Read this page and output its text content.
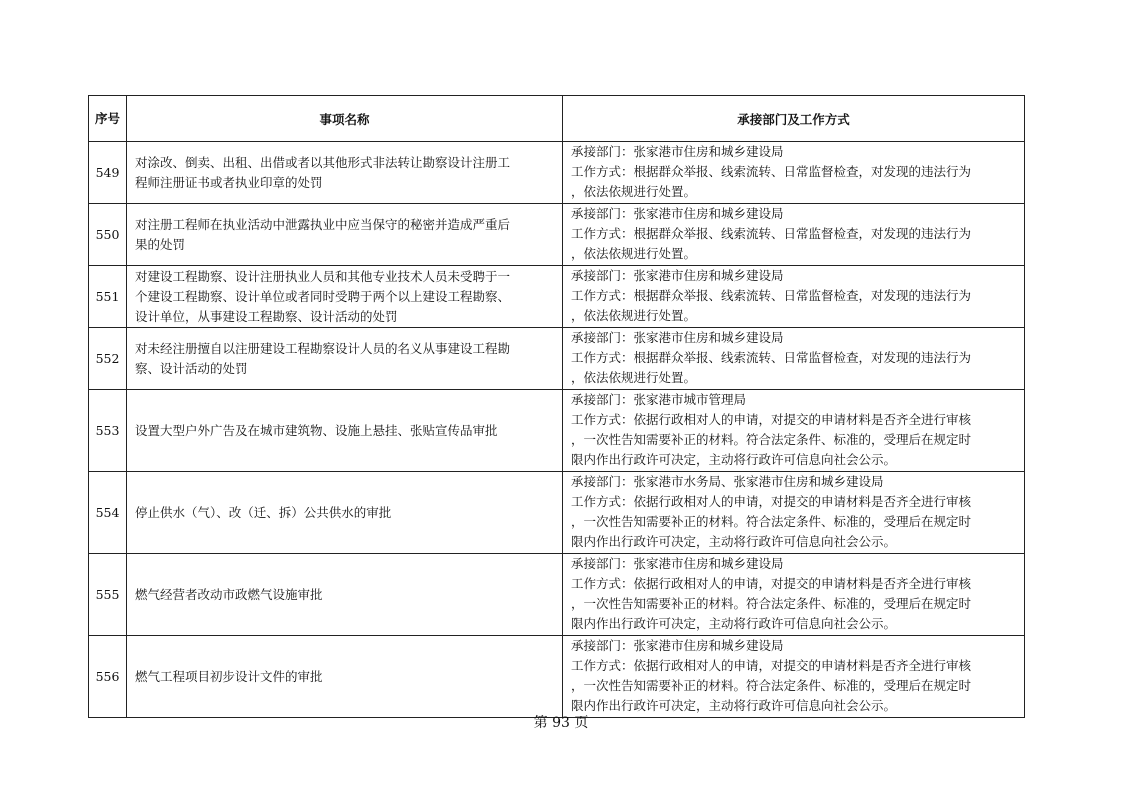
序号	事项名称	承接部门及工作方式
549	对涂改、倒卖、出租、出借或者以其他形式非法转让勘察设计注册工
程师注册证书或者执业印章的处罚	承接部门：张家港市住房和城乡建设局
工作方式：根据群众举报、线索流转、日常监督检查，对发现的违法行为
，依法依规进行处置。

550	对注册工程师在执业活动中泄露执业中应当保守的秘密并造成严重后
果的处罚	承接部门：张家港市住房和城乡建设局
工作方式：根据群众举报、线索流转、日常监督检查，对发现的违法行为
，依法依规进行处置。

551	对建设工程勘察、设计注册执业人员和其他专业技术人员未受聘于一
个建设工程勘察、设计单位或者同时受聘于两个以上建设工程勘察、
设计单位，从事建设工程勘察、设计活动的处罚	承接部门：张家港市住房和城乡建设局
工作方式：根据群众举报、线索流转、日常监督检查，对发现的违法行为
，依法依规进行处置。

552	对未经注册擅自以注册建设工程勘察设计人员的名义从事建设工程勘
察、设计活动的处罚	承接部门：张家港市住房和城乡建设局
工作方式：根据群众举报、线索流转、日常监督检查，对发现的违法行为
，依法依规进行处置。

553	设置大型户外广告及在城市建筑物、设施上悬挂、张贴宣传品审批	承接部门：张家港市城市管理局
工作方式：依据行政相对人的申请，对提交的申请材料是否齐全进行审核
，一次性告知需要补正的材料。符合法定条件、标准的，受理后在规定时
限内作出行政许可决定，主动将行政许可信息向社会公示。

554	停止供水（气）、改（迁、拆）公共供水的审批	承接部门：张家港市水务局、张家港市住房和城乡建设局
工作方式：依据行政相对人的申请，对提交的申请材料是否齐全进行审核
，一次性告知需要补正的材料。符合法定条件、标准的，受理后在规定时
限内作出行政许可决定，主动将行政许可信息向社会公示。

555	燃气经营者改动市政燃气设施审批	承接部门：张家港市住房和城乡建设局
工作方式：依据行政相对人的申请，对提交的申请材料是否齐全进行审核
，一次性告知需要补正的材料。符合法定条件、标准的，受理后在规定时
限内作出行政许可决定，主动将行政许可信息向社会公示。

556	燃气工程项目初步设计文件的审批	承接部门：张家港市住房和城乡建设局
工作方式：依据行政相对人的申请，对提交的申请材料是否齐全进行审核
，一次性告知需要补正的材料。符合法定条件、标准的，受理后在规定时
限内作出行政许可决定，主动将行政许可信息向社会公示。
第 93 页
